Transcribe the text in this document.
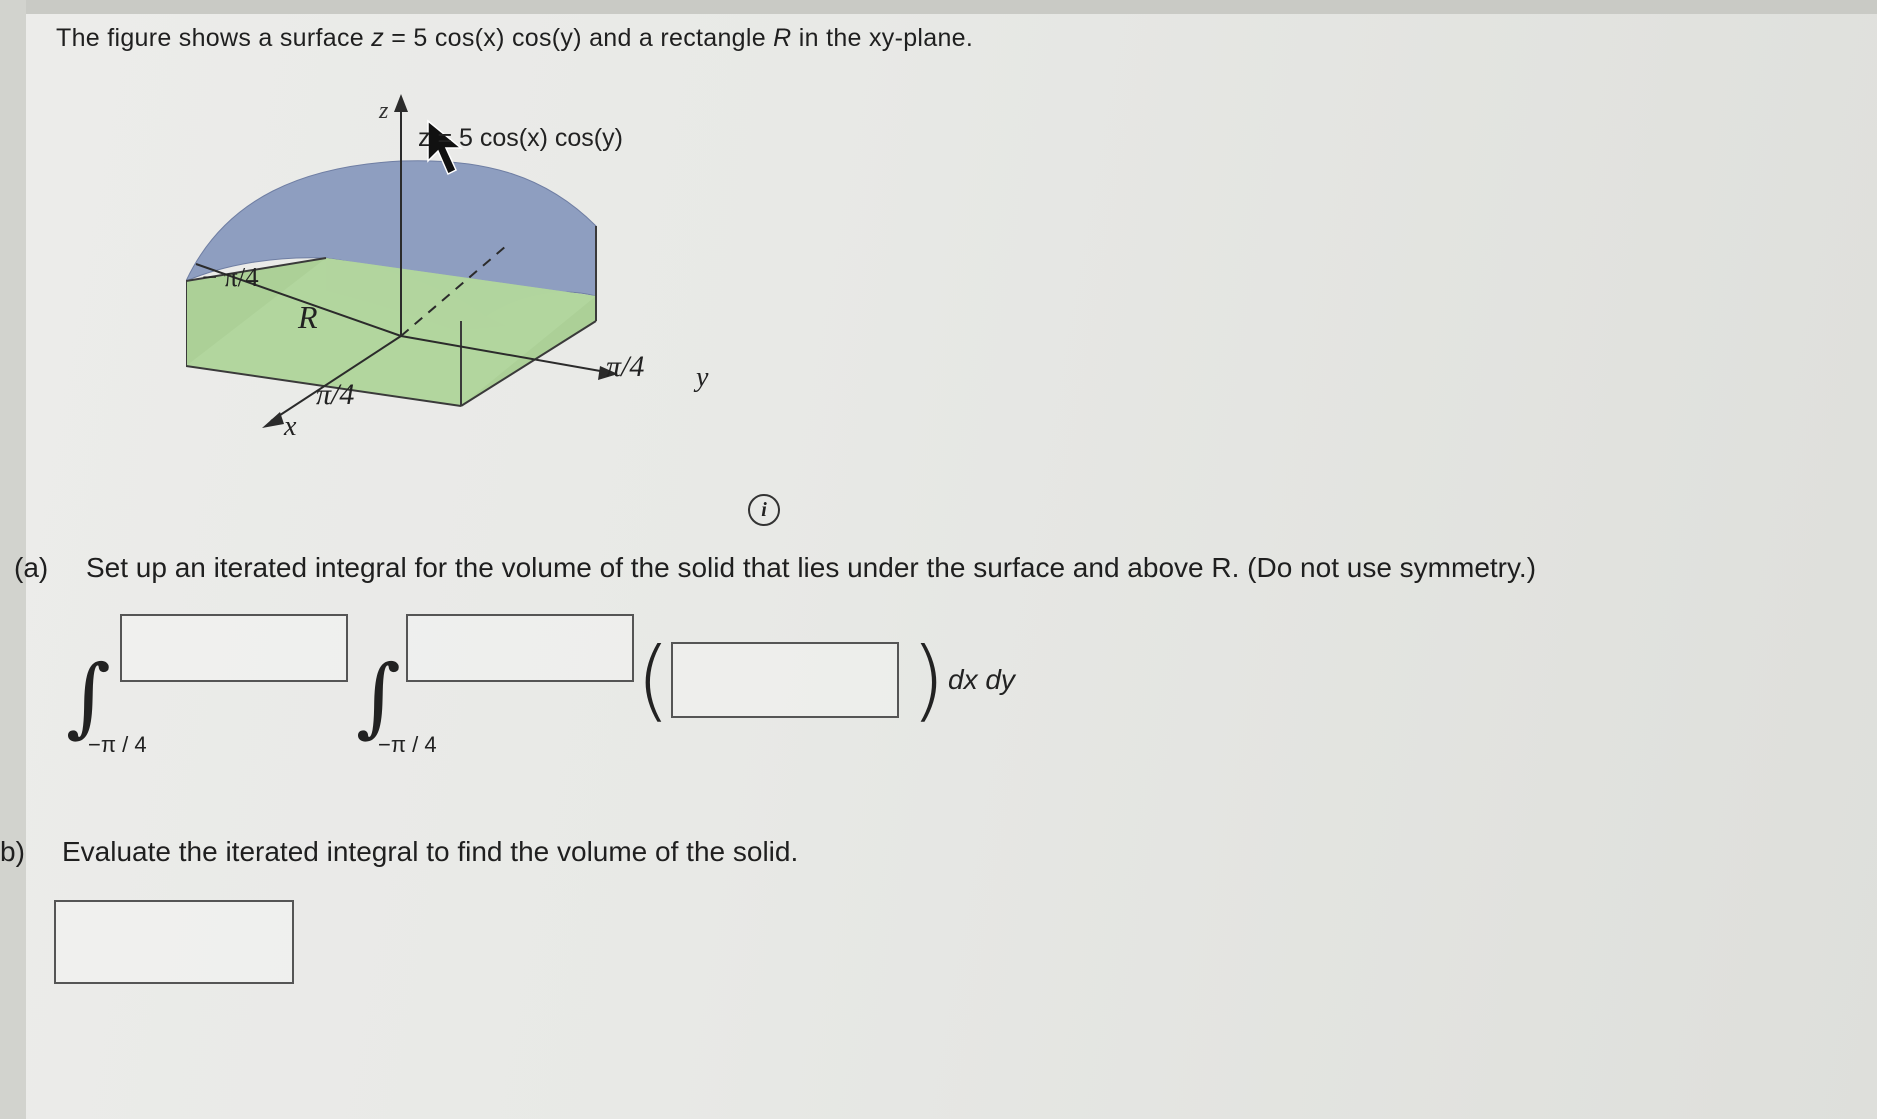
The figure shows a surface z = 5 cos(x) cos(y) and a rectangle R in the xy-plane.
z
z = 5 cos(x) cos(y)
− π/4
R
π/4
π/4
x
y
i
(a) Set up an iterated integral for the volume of the solid that lies under the surface and above R. (Do not use symmetry.)
∫
−π / 4 ∫
−π / 4
(	) dx dy
b) Evaluate the iterated integral to find the volume of the solid.
